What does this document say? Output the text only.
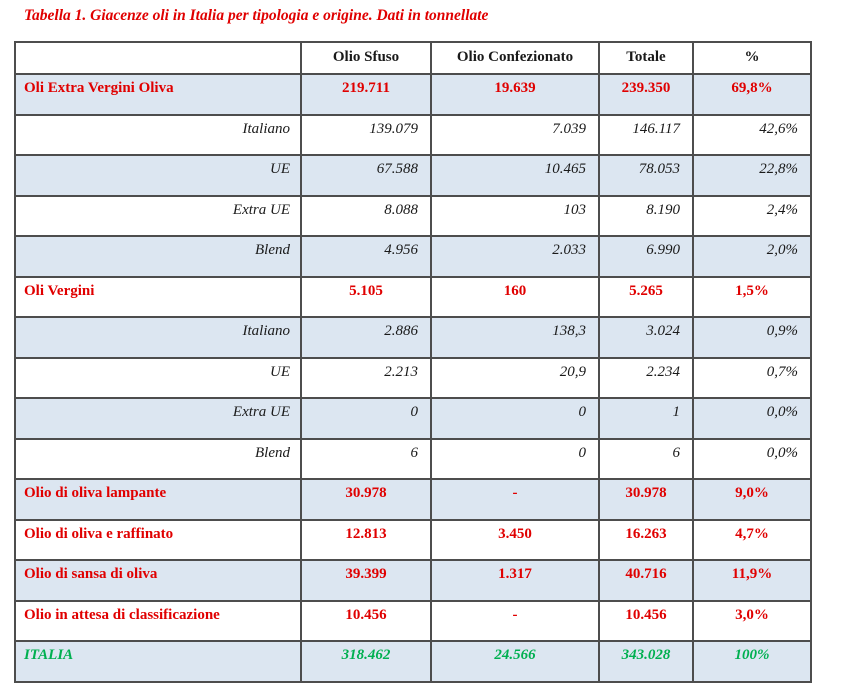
Tabella 1. Giacenze oli in Italia per tipologia e origine. Dati in tonnellate
	Olio Sfuso	Olio Confezionato	Totale	%
Oli Extra Vergini Oliva	219.711	19.639	239.350	69,8%
Italiano	139.079	7.039	146.117	42,6%
UE	67.588	10.465	78.053	22,8%
Extra UE	8.088	103	8.190	2,4%
Blend	4.956	2.033	6.990	2,0%
Oli Vergini	5.105	160	5.265	1,5%
Italiano	2.886	138,3	3.024	0,9%
UE	2.213	20,9	2.234	0,7%
Extra UE	0	0	1	0,0%
Blend	6	0	6	0,0%
Olio di oliva lampante	30.978	-	30.978	9,0%
Olio di oliva e raffinato	12.813	3.450	16.263	4,7%
Olio di sansa di oliva	39.399	1.317	40.716	11,9%
Olio in attesa di classificazione	10.456	-	10.456	3,0%
ITALIA	318.462	24.566	343.028	100%
